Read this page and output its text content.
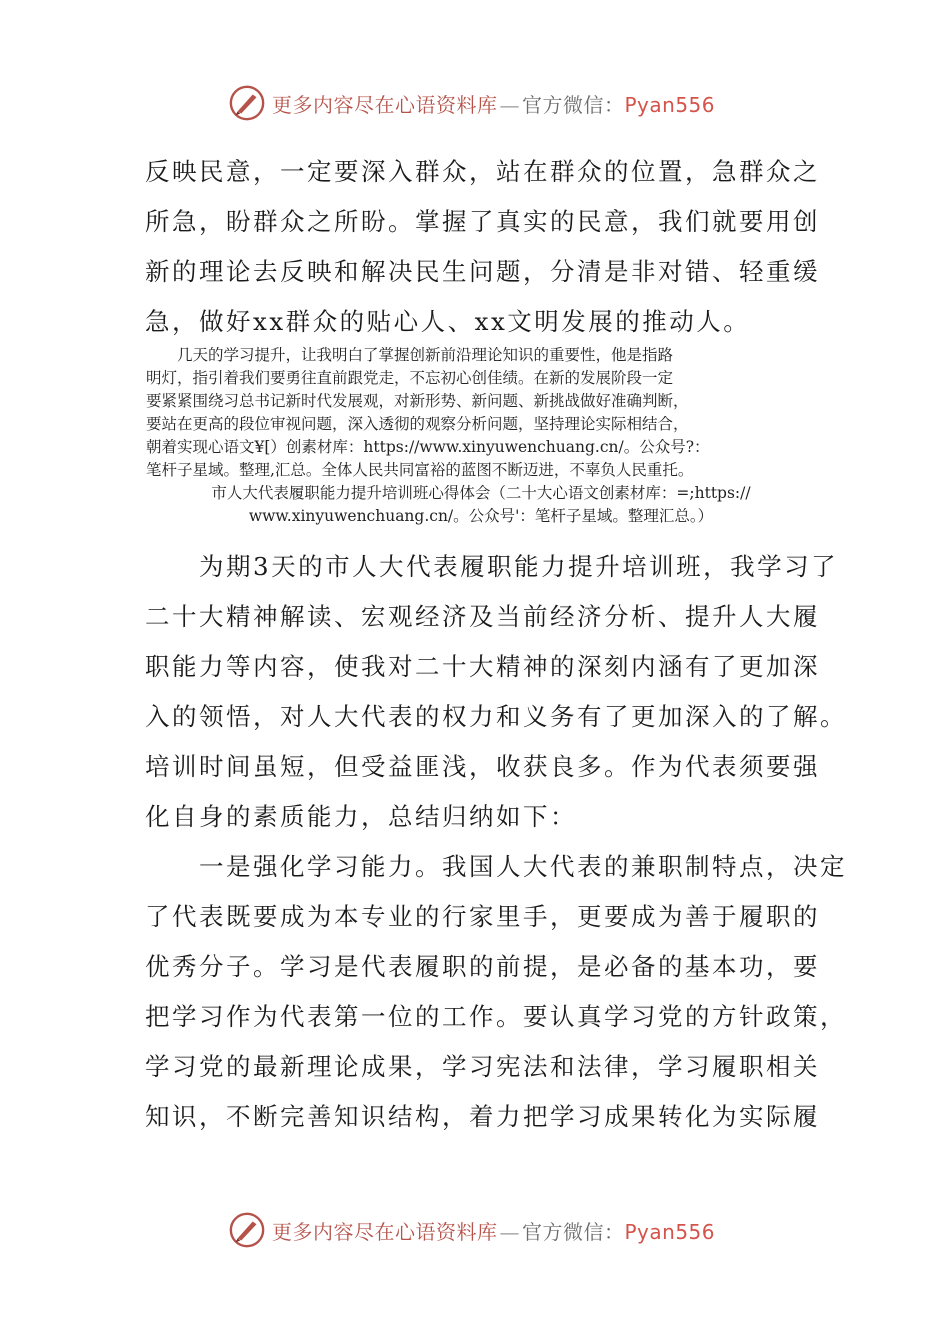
更多内容尽在心语资料库 — 官方微信：Pyan556
反映民意，一定要深入群众，站在群众的位置，急群众之
所急，盼群众之所盼。掌握了真实的民意，我们就要用创
新的理论去反映和解决民生问题，分清是非对错、轻重缓
急，做好xx群众的贴心人、xx文明发展的推动人。
　　几天的学习提升，让我明白了掌握创新前沿理论知识的重要性，他是指路
明灯，指引着我们要勇往直前跟党走，不忘初心创佳绩。在新的发展阶段一定
要紧紧围绕习总书记新时代发展观，对新形势、新问题、新挑战做好准确判断，
要站在更高的段位审视问题，深入透彻的观察分析问题，坚持理论实际相结合，
朝着实现心语文¥[）创素材库：https://www.xinyuwenchuang.cn/。公众号?：
笔杆子星域。整理,汇总。全体人民共同富裕的蓝图不断迈进，不辜负人民重托。
市人大代表履职能力提升培训班心得体会（二十大心语文创素材库：=;https://
www.xinyuwenchuang.cn/。公众号'：笔杆子星域。整理汇总。）
　　为期3天的市人大代表履职能力提升培训班，我学习了
二十大精神解读、宏观经济及当前经济分析、提升人大履
职能力等内容，使我对二十大精神的深刻内涵有了更加深
入的领悟，对人大代表的权力和义务有了更加深入的了解。
培训时间虽短，但受益匪浅，收获良多。作为代表须要强
化自身的素质能力，总结归纳如下：
　　一是强化学习能力。我国人大代表的兼职制特点，决定
了代表既要成为本专业的行家里手，更要成为善于履职的
优秀分子。学习是代表履职的前提，是必备的基本功，要
把学习作为代表第一位的工作。要认真学习党的方针政策，
学习党的最新理论成果，学习宪法和法律，学习履职相关
知识，不断完善知识结构，着力把学习成果转化为实际履
更多内容尽在心语资料库 — 官方微信：Pyan556
